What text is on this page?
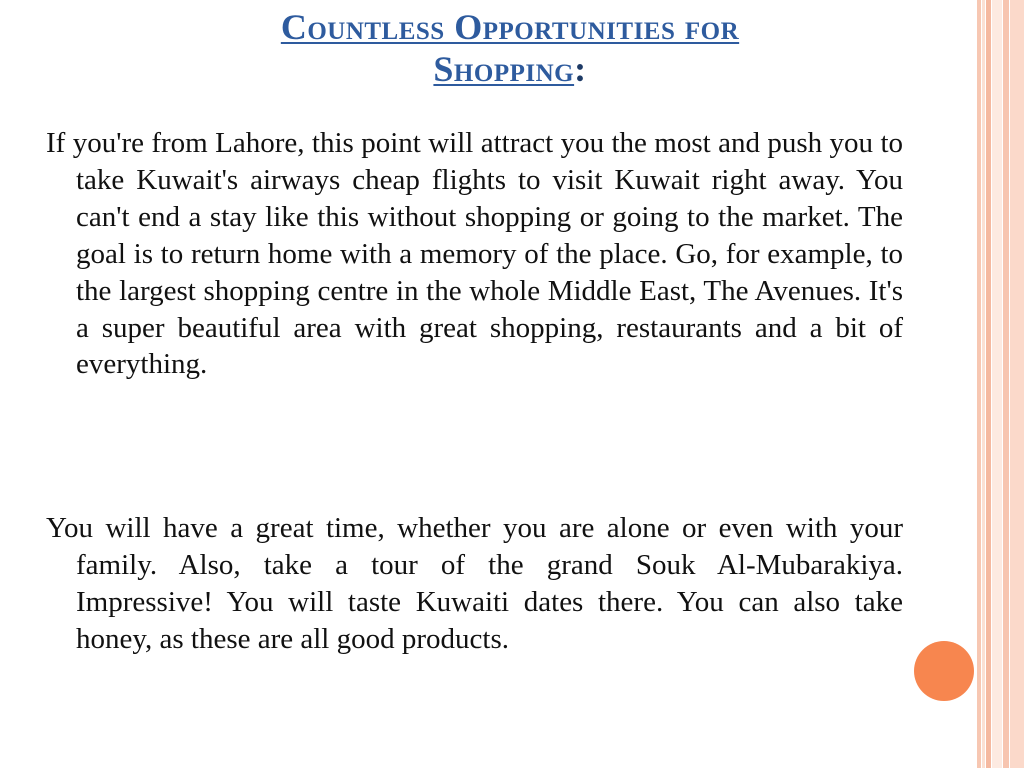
Countless Opportunities for
Shopping:

If you're from Lahore, this point will attract you the most and push you to take Kuwait's airways cheap flights to visit Kuwait right away. You can't end a stay like this without shopping or going to the market. The goal is to return home with a memory of the place. Go, for example, to the largest shopping centre in the whole Middle East, The Avenues. It's a super beautiful area with great shopping, restaurants and a bit of everything.

You will have a great time, whether you are alone or even with your family. Also, take a tour of the grand Souk Al-Mubarakiya. Impressive! You will taste Kuwaiti dates there. You can also take honey, as these are all good products.
